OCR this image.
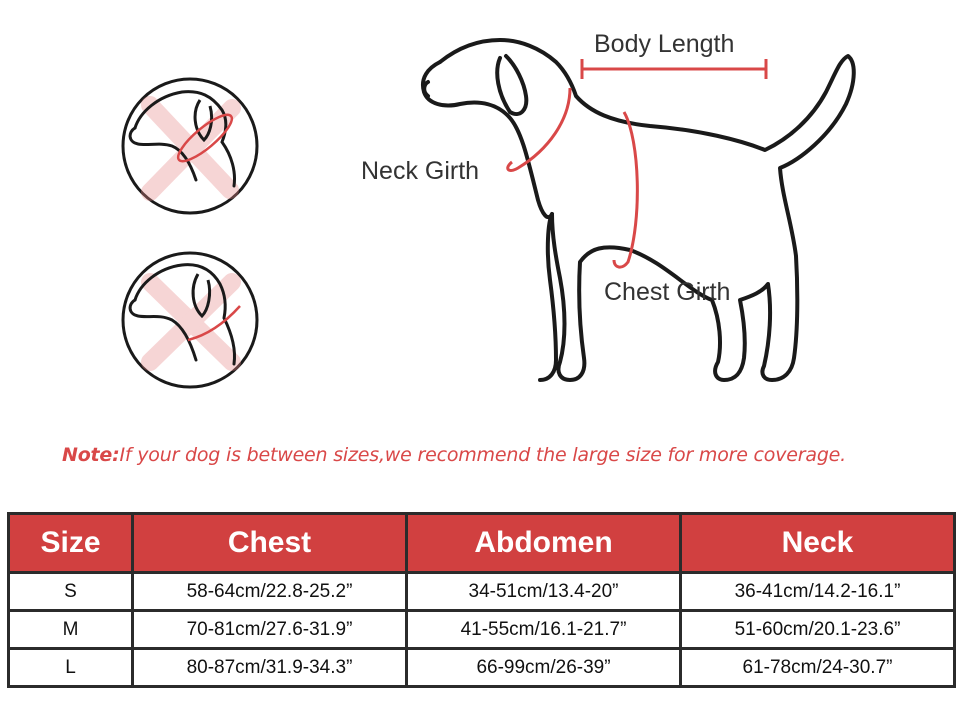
Body Length
Neck Girth
Chest Girth
Note:If your dog is between sizes,we recommend the large size for more coverage.
Size	Chest	Abdomen	Neck
S	58-64cm/22.8-25.2”	34-51cm/13.4-20”	36-41cm/14.2-16.1”
M	70-81cm/27.6-31.9”	41-55cm/16.1-21.7”	51-60cm/20.1-23.6”
L	80-87cm/31.9-34.3”	66-99cm/26-39”	61-78cm/24-30.7”
